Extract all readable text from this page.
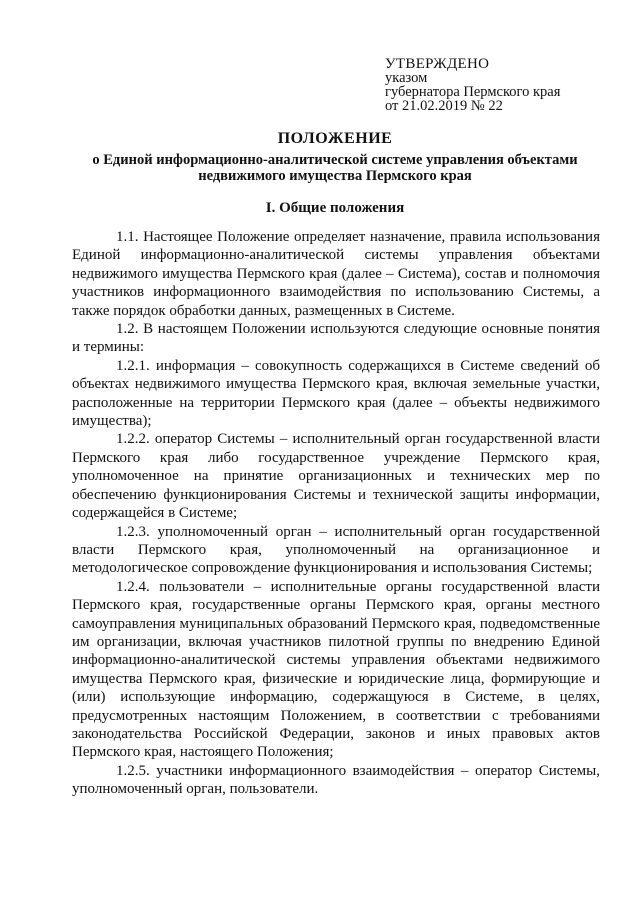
УТВЕРЖДЕНО
указом
губернатора Пермского края
от 21.02.2019 № 22
ПОЛОЖЕНИЕ
о Единой информационно-аналитической системе управления объектами недвижимого имущества Пермского края
I. Общие положения

1.1. Настоящее Положение определяет назначение, правила использования Единой информационно-аналитической системы управления объектами недвижимого имущества Пермского края (далее – Система), состав и полномочия участников информационного взаимодействия по использованию Системы, а также порядок обработки данных, размещенных в Системе.

1.2. В настоящем Положении используются следующие основные понятия и термины:

1.2.1. информация – совокупность содержащихся в Системе сведений об объектах недвижимого имущества Пермского края, включая земельные участки, расположенные на территории Пермского края (далее – объекты недвижимого имущества);

1.2.2. оператор Системы – исполнительный орган государственной власти Пермского края либо государственное учреждение Пермского края, уполномоченное на принятие организационных и технических мер по обеспечению функционирования Системы и технической защиты информации, содержащейся в Системе;

1.2.3. уполномоченный орган – исполнительный орган государственной власти Пермского края, уполномоченный на организационное и методологическое сопровождение функционирования и использования Системы;

1.2.4. пользователи – исполнительные органы государственной власти Пермского края, государственные органы Пермского края, органы местного самоуправления муниципальных образований Пермского края, подведомственные им организации, включая участников пилотной группы по внедрению Единой информационно-аналитической системы управления объектами недвижимого имущества Пермского края, физические и юридические лица, формирующие и (или) использующие информацию, содержащуюся в Системе, в целях, предусмотренных настоящим Положением, в соответствии с требованиями законодательства Российской Федерации, законов и иных правовых актов Пермского края, настоящего Положения;

1.2.5. участники информационного взаимодействия – оператор Системы, уполномоченный орган, пользователи.
